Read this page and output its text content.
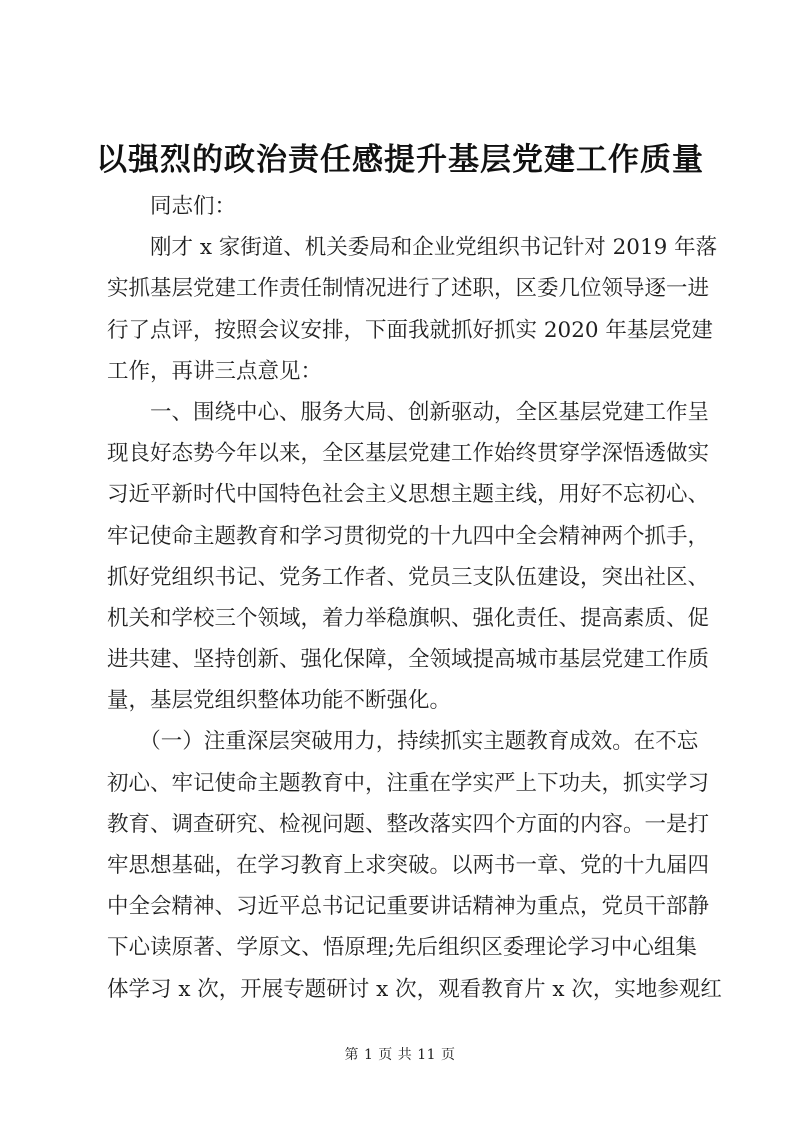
以强烈的政治责任感提升基层党建工作质量
　　同志们：
　　刚才 x 家街道、机关委局和企业党组织书记针对 2019 年落
实抓基层党建工作责任制情况进行了述职，区委几位领导逐一进
行了点评，按照会议安排，下面我就抓好抓实 2020 年基层党建
工作，再讲三点意见：
　　一、围绕中心、服务大局、创新驱动，全区基层党建工作呈
现良好态势今年以来，全区基层党建工作始终贯穿学深悟透做实
习近平新时代中国特色社会主义思想主题主线，用好不忘初心、
牢记使命主题教育和学习贯彻党的十九四中全会精神两个抓手，
抓好党组织书记、党务工作者、党员三支队伍建设，突出社区、
机关和学校三个领域，着力举稳旗帜、强化责任、提高素质、促
进共建、坚持创新、强化保障，全领域提高城市基层党建工作质
量，基层党组织整体功能不断强化。
　　（一）注重深层突破用力，持续抓实主题教育成效。在不忘
初心、牢记使命主题教育中，注重在学实严上下功夫，抓实学习
教育、调查研究、检视问题、整改落实四个方面的内容。一是打
牢思想基础，在学习教育上求突破。以两书一章、党的十九届四
中全会精神、习近平总书记记重要讲话精神为重点，党员干部静
下心读原著、学原文、悟原理;先后组织区委理论学习中心组集
体学习 x 次，开展专题研讨 x 次，观看教育片 x 次，实地参观红
第 1 页 共 11 页
